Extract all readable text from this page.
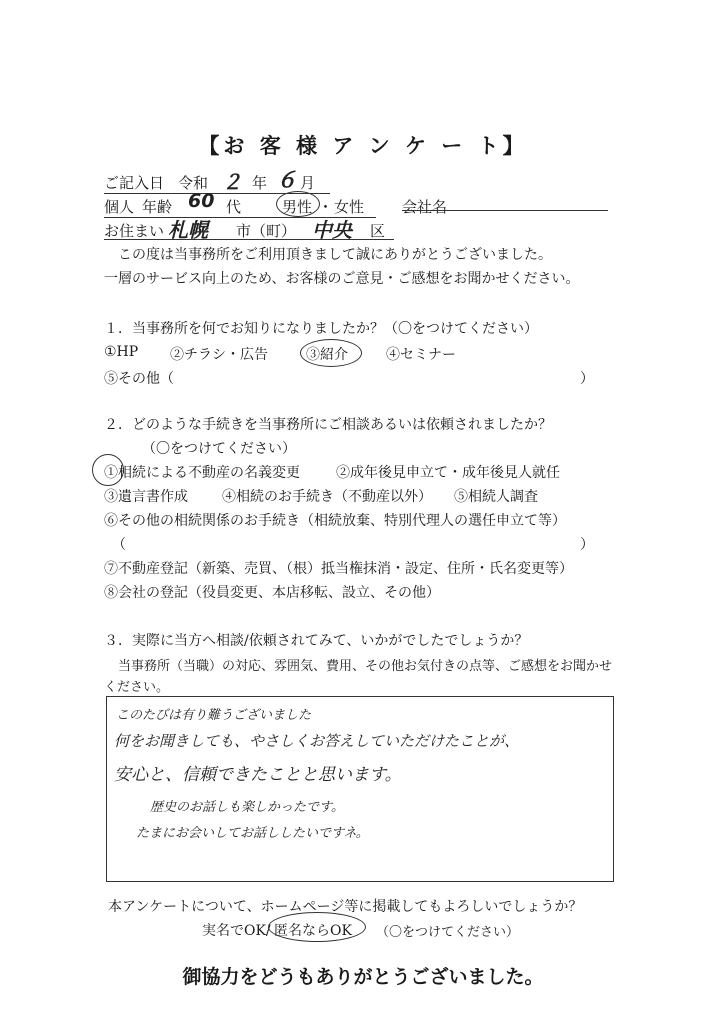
【お 客 様 ア ン ケ ー ト】
ご記入日 令和 ２ 年 ６ 月
個人 年齢 60 代	男性 ・ 女性	会社名
お住まい 札幌 市（町） 中央 区
この度は当事務所をご利用頂きまして誠にありがとうございました。
一層のサービス向上のため、お客様のご意見・ご感想をお聞かせください。
１．当事務所を何でお知りになりましたか？（〇をつけてください）
①HP ②チラシ・広告	③紹介	④セミナー
⑤その他（	）
２．どのような手続きを当事務所にご相談あるいは依頼されましたか？
（〇をつけてください）
①相続による不動産の名義変更	②成年後見申立て・成年後見人就任
③遺言書作成 ④相続のお手続き（不動産以外） ⑤相続人調査
⑥その他の相続関係のお手続き（相続放棄、特別代理人の選任申立て等）
（	）
⑦不動産登記（新築、売買、（根）抵当権抹消・設定、住所・氏名変更等）
⑧会社の登記（役員変更、本店移転、設立、その他）
３．実際に当方へ相談/依頼されてみて、いかがでしたでしょうか？
当事務所（当職）の対応、雰囲気、費用、その他お気付きの点等、ご感想をお聞かせ
ください。
このたびは有り難うございました
何をお聞きしても、やさしくお答えしていただけたことが、
安心と、信頼できたことと思います。
歴史のお話しも楽しかったです。
たまにお会いしてお話ししたいですネ。
本アンケートについて、ホームページ等に掲載してもよろしいでしょうか？
実名でOK/ 匿名ならOK （〇をつけてください）
御協力をどうもありがとうございました。
